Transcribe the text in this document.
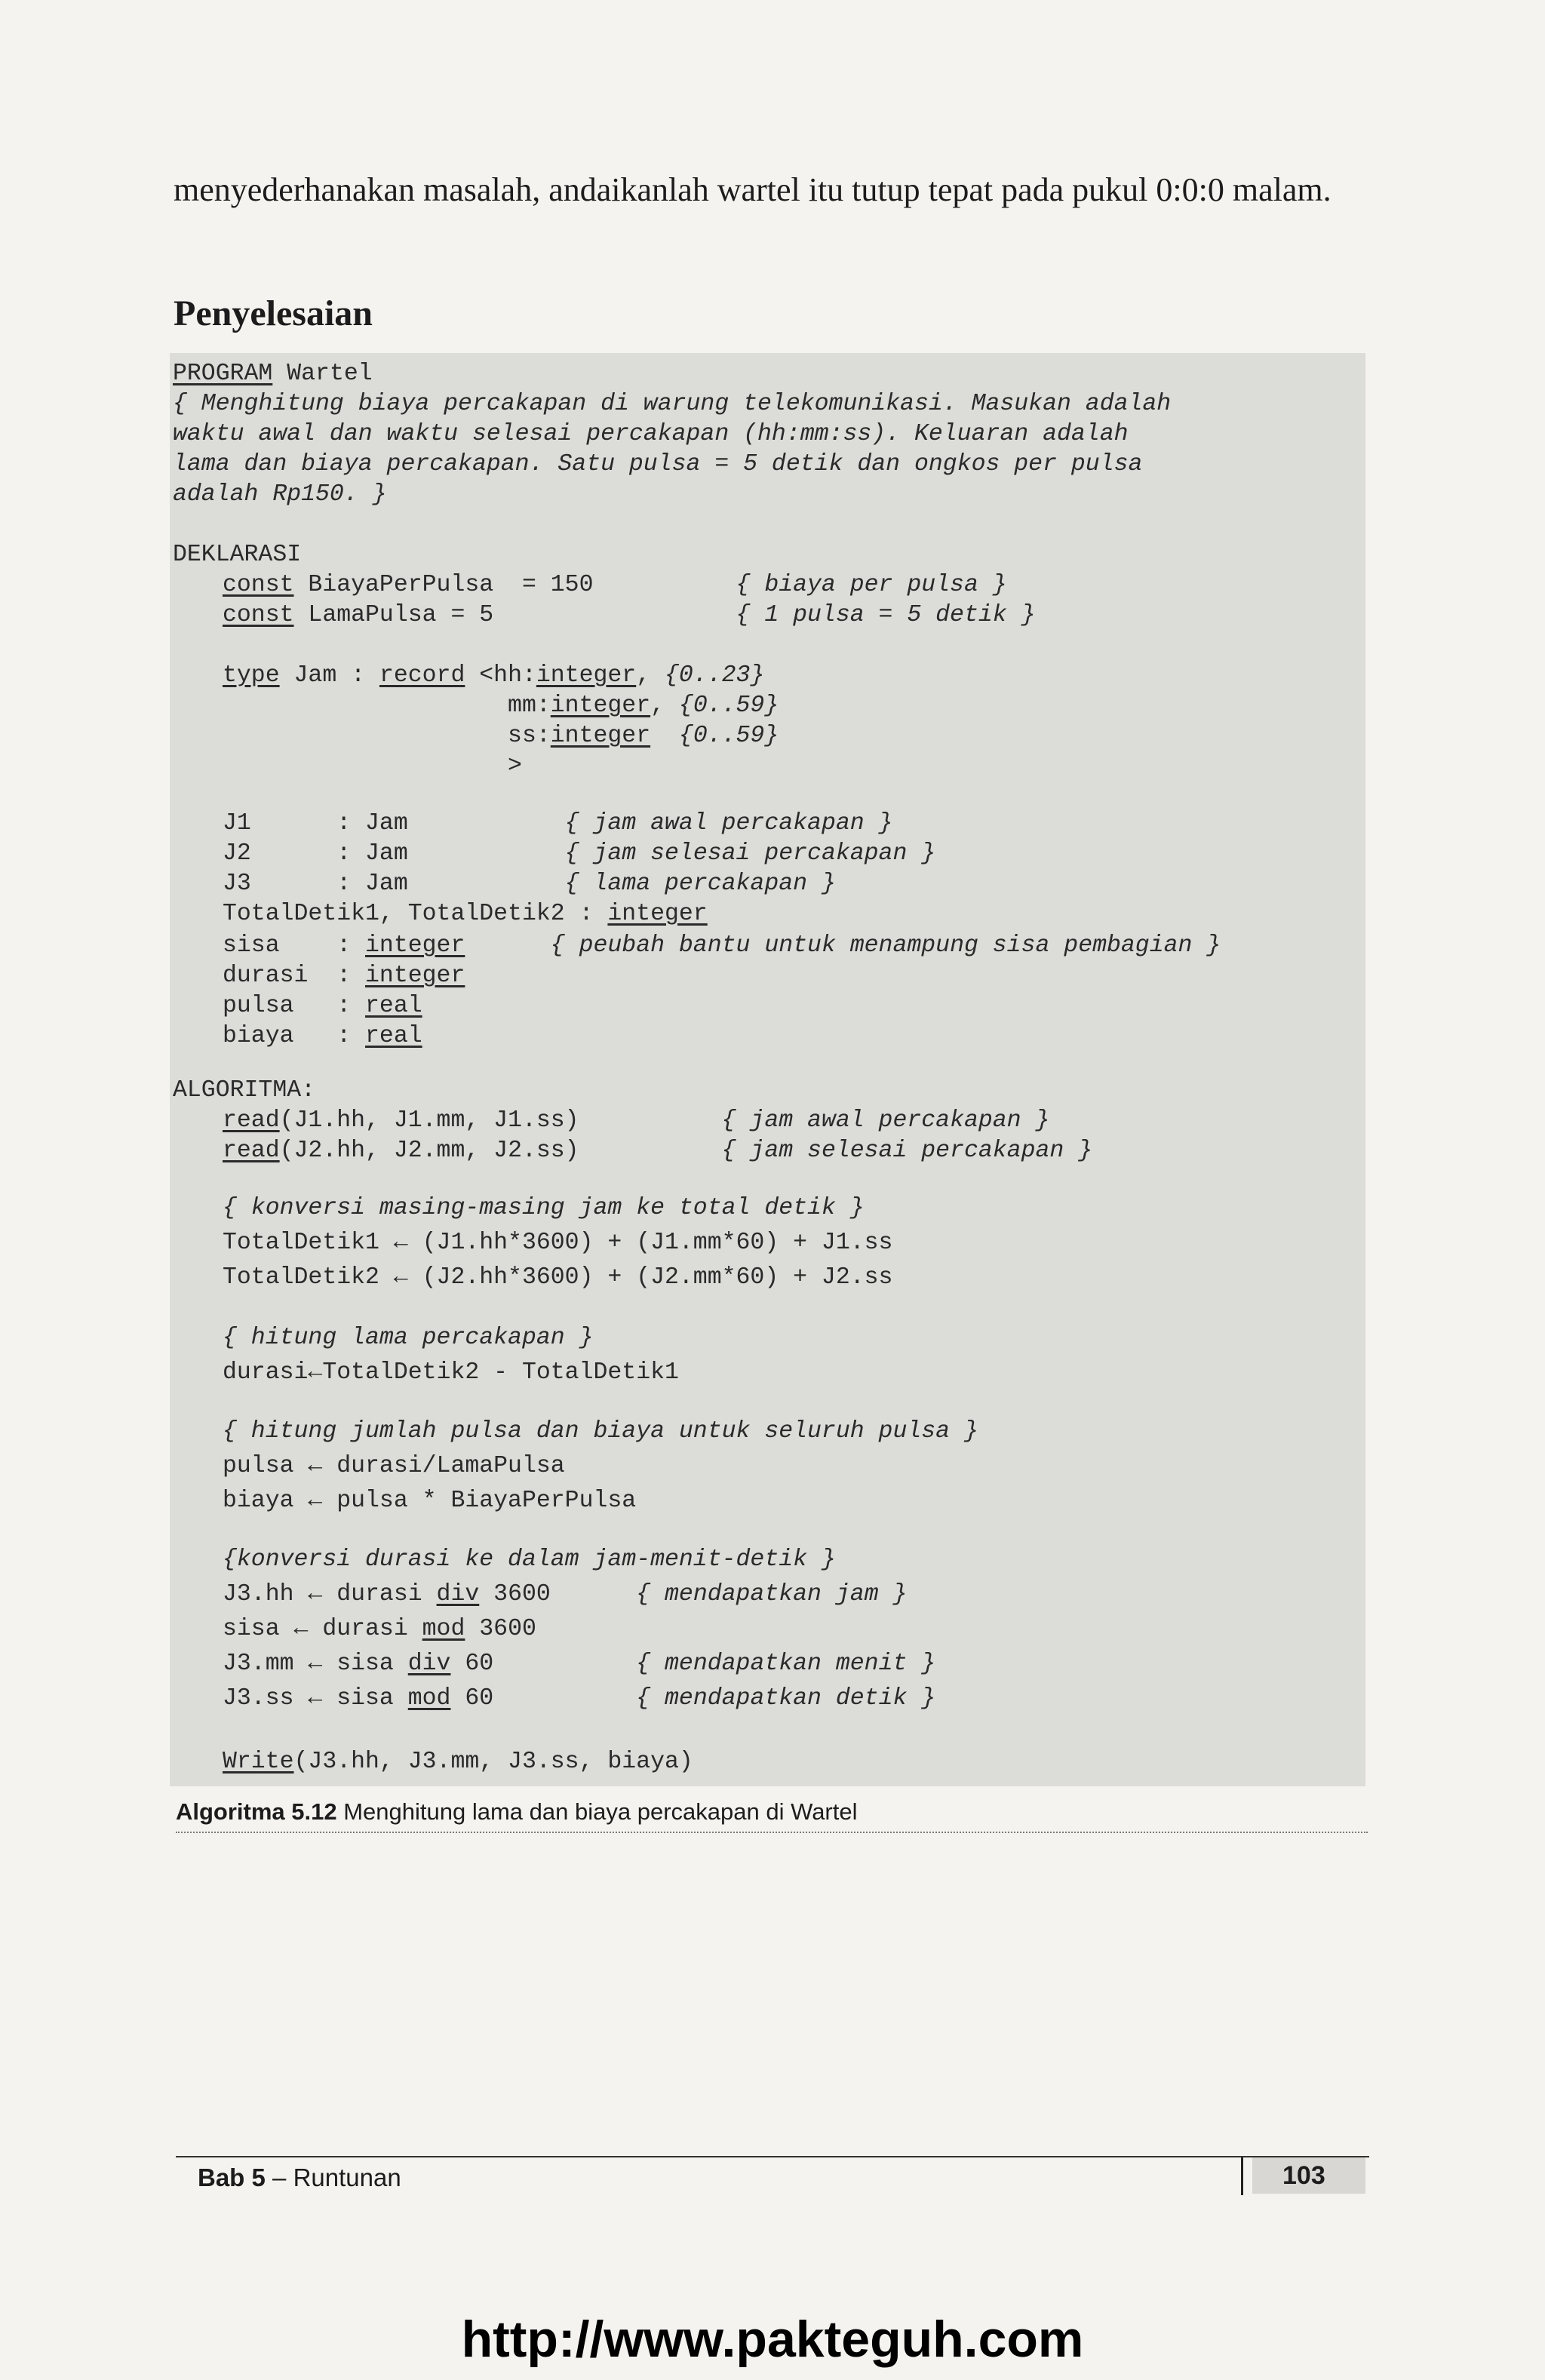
menyederhanakan masalah, andaikanlah wartel itu tutup tepat pada pukul 0:0:0 malam.
Penyelesaian
PROGRAM Wartel
{ Menghitung biaya percakapan di warung telekomunikasi. Masukan adalah
waktu awal dan waktu selesai percakapan (hh:mm:ss). Keluaran adalah
lama dan biaya percakapan. Satu pulsa = 5 detik dan ongkos per pulsa
adalah Rp150. }
DEKLARASI
const BiayaPerPulsa  = 150          { biaya per pulsa }
const LamaPulsa = 5                 { 1 pulsa = 5 detik }
type Jam : record <hh:integer, {0..23}
mm:integer, {0..59}
ss:integer {0..59}
>
J1      : Jam           { jam awal percakapan }
J2      : Jam           { jam selesai percakapan }
J3      : Jam           { lama percakapan }
TotalDetik1, TotalDetik2 : integer
sisa    : integer	{ peubah bantu untuk menampung sisa pembagian }
durasi  : integer
pulsa   : real
biaya   : real
ALGORITMA:
read(J1.hh, J1.mm, J1.ss)          { jam awal percakapan }
read(J2.hh, J2.mm, J2.ss)          { jam selesai percakapan }
{ konversi masing-masing jam ke total detik }
TotalDetik1 ← (J1.hh*3600) + (J1.mm*60) + J1.ss
TotalDetik2 ← (J2.hh*3600) + (J2.mm*60) + J2.ss
{ hitung lama percakapan }
durasi←TotalDetik2 - TotalDetik1
{ hitung jumlah pulsa dan biaya untuk seluruh pulsa }
pulsa ← durasi/LamaPulsa
biaya ← pulsa * BiayaPerPulsa
{konversi durasi ke dalam jam-menit-detik }
J3.hh ← durasi div 3600      { mendapatkan jam }
sisa ← durasi mod 3600
J3.mm ← sisa div 60          { mendapatkan menit }
J3.ss ← sisa mod 60          { mendapatkan detik }
Write(J3.hh, J3.mm, J3.ss, biaya)
Algoritma 5.12 Menghitung lama dan biaya percakapan di Wartel
Bab 5 – Runtunan	103
http://www.pakteguh.com
